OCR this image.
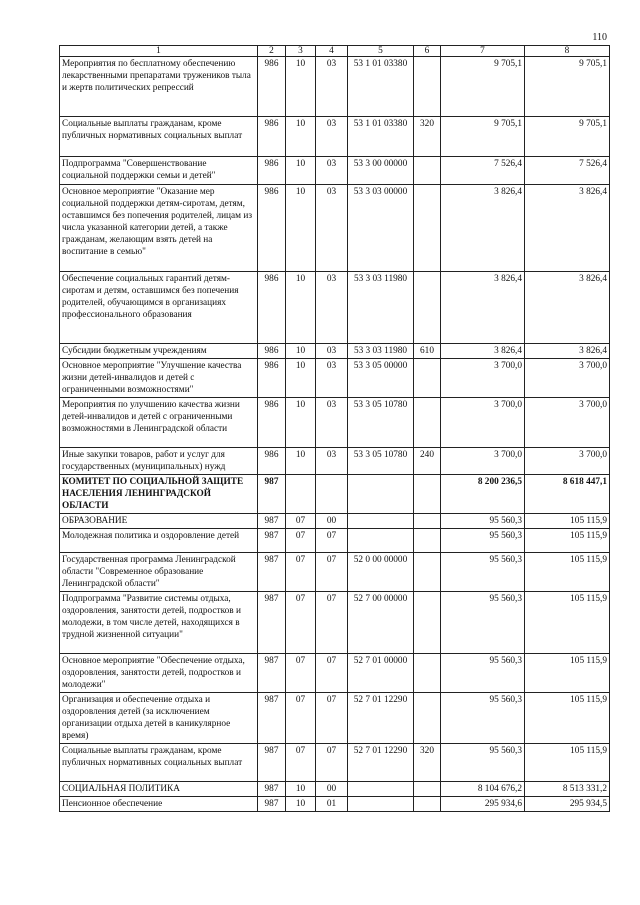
110
1	2	3	4	5	6	7	8
Мероприятия по бесплатному обеспечению лекарственными препаратами тружеников тыла и жертв политических репрессий	986	10	03	53 1 01 03380		9 705,1	9 705,1
Социальные выплаты гражданам, кроме публичных нормативных социальных выплат	986	10	03	53 1 01 03380	320	9 705,1	9 705,1
Подпрограмма "Совершенствование социальной поддержки семьи и детей"	986	10	03	53 3 00 00000		7 526,4	7 526,4
Основное мероприятие "Оказание мер социальной поддержки детям-сиротам, детям, оставшимся без попечения родителей, лицам из числа указанной категории детей, а также гражданам, желающим взять детей на воспитание в семью"	986	10	03	53 3 03 00000		3 826,4	3 826,4
Обеспечение социальных гарантий детям-сиротам и детям, оставшимся без попечения родителей, обучающимся в организациях профессионального образования	986	10	03	53 3 03 11980		3 826,4	3 826,4
Субсидии бюджетным учреждениям	986	10	03	53 3 03 11980	610	3 826,4	3 826,4
Основное мероприятие "Улучшение качества жизни детей-инвалидов и детей с ограниченными возможностями"	986	10	03	53 3 05 00000		3 700,0	3 700,0
Мероприятия по улучшению качества жизни детей-инвалидов и детей с ограниченными возможностями в Ленинградской области	986	10	03	53 3 05 10780		3 700,0	3 700,0
Иные закупки товаров, работ и услуг для государственных (муниципальных) нужд	986	10	03	53 3 05 10780	240	3 700,0	3 700,0
КОМИТЕТ ПО СОЦИАЛЬНОЙ ЗАЩИТЕ НАСЕЛЕНИЯ ЛЕНИНГРАДСКОЙ ОБЛАСТИ	987					8 200 236,5	8 618 447,1
ОБРАЗОВАНИЕ	987	07	00			95 560,3	105 115,9
Молодежная политика и оздоровление детей	987	07	07			95 560,3	105 115,9
Государственная программа Ленинградской области "Современное образование Ленинградской области"	987	07	07	52 0 00 00000		95 560,3	105 115,9
Подпрограмма "Развитие системы отдыха, оздоровления, занятости детей, подростков и молодежи, в том числе детей, находящихся в трудной жизненной ситуации"	987	07	07	52 7 00 00000		95 560,3	105 115,9
Основное мероприятие "Обеспечение отдыха, оздоровления, занятости детей, подростков и молодежи"	987	07	07	52 7 01 00000		95 560,3	105 115,9
Организация и обеспечение отдыха и оздоровления детей (за исключением организации отдыха детей в каникулярное время)	987	07	07	52 7 01 12290		95 560,3	105 115,9
Социальные выплаты гражданам, кроме публичных нормативных социальных выплат	987	07	07	52 7 01 12290	320	95 560,3	105 115,9
СОЦИАЛЬНАЯ ПОЛИТИКА	987	10	00			8 104 676,2	8 513 331,2
Пенсионное обеспечение	987	10	01			295 934,6	295 934,5
